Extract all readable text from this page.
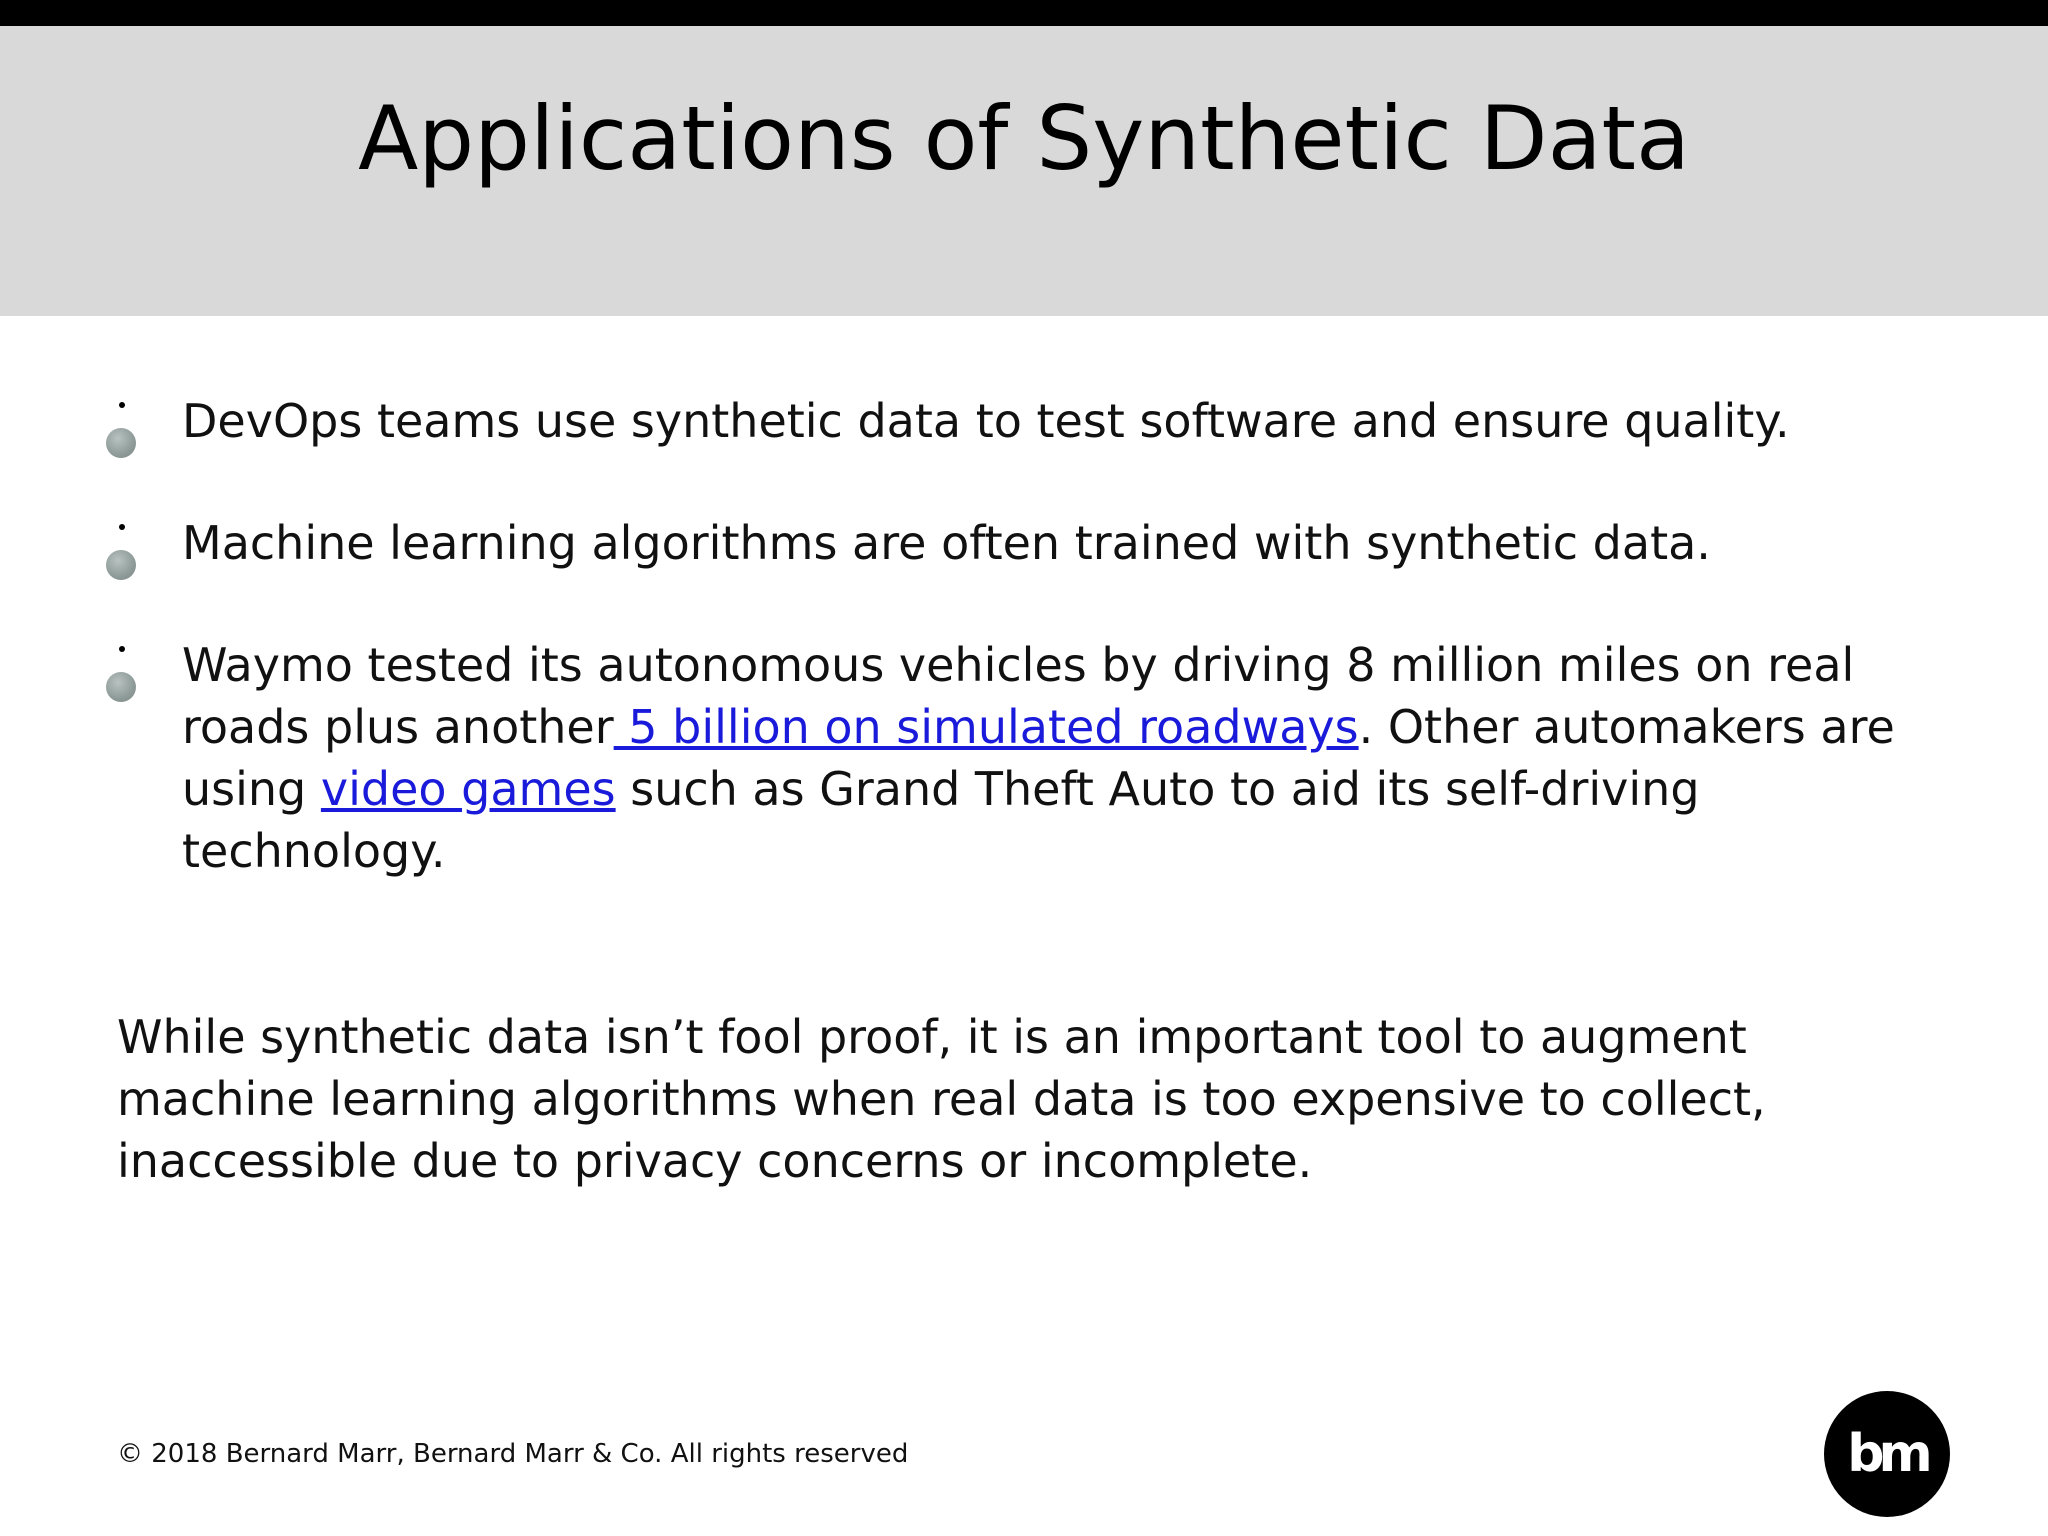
Applications of Synthetic Data
DevOps teams use synthetic data to test software and ensure quality.
Machine learning algorithms are often trained with synthetic data.
Waymo tested its autonomous vehicles by driving 8 million miles on real roads plus another 5 billion on simulated roadways. Other automakers are using video games such as Grand Theft Auto to aid its self-driving technology.

While synthetic data isn’t fool proof, it is an important tool to augment machine learning algorithms when real data is too expensive to collect, inaccessible due to privacy concerns or incomplete.

© 2018 Bernard Marr, Bernard Marr & Co. All rights reserved	bm
